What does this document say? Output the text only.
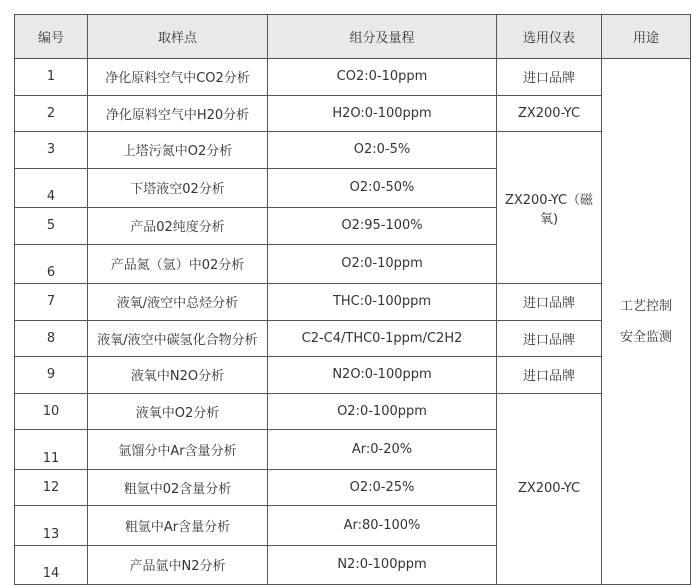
编号	取样点	组分及量程	选用仪表	用途
1	净化原料空气中CO2分析	CO2:0-10ppm	进口品牌	工艺控制
安全监测

2	净化原料空气中H20分析	H2O:0-100ppm	ZX200-YC	
3	上塔污氮中O2分析	O2:0-5%	ZX200-YC（磁氧)	
4	下塔液空02分析	O2:0-50%		
5	产品02纯度分析	O2:95-100%		
6	产品氮（氩）中02分析	O2:0-10ppm		
7	液氧/液空中总烃分析	THC:0-100ppm	进口品牌	
8	液氧/液空中碳氢化合物分析	C2-C4/THC0-1ppm/C2H2	进口品牌	
9	液氧中N2O分析	N2O:0-100ppm	进口品牌	
10	液氧中O2分析	O2:0-100ppm	ZX200-YC	
11	氩馏分中Ar含量分析	Ar:0-20%		
12	粗氩中02含量分析	O2:0-25%		
13	粗氩中Ar含量分析	Ar:80-100%		
14	产品氩中N2分析	N2:0-100ppm		
